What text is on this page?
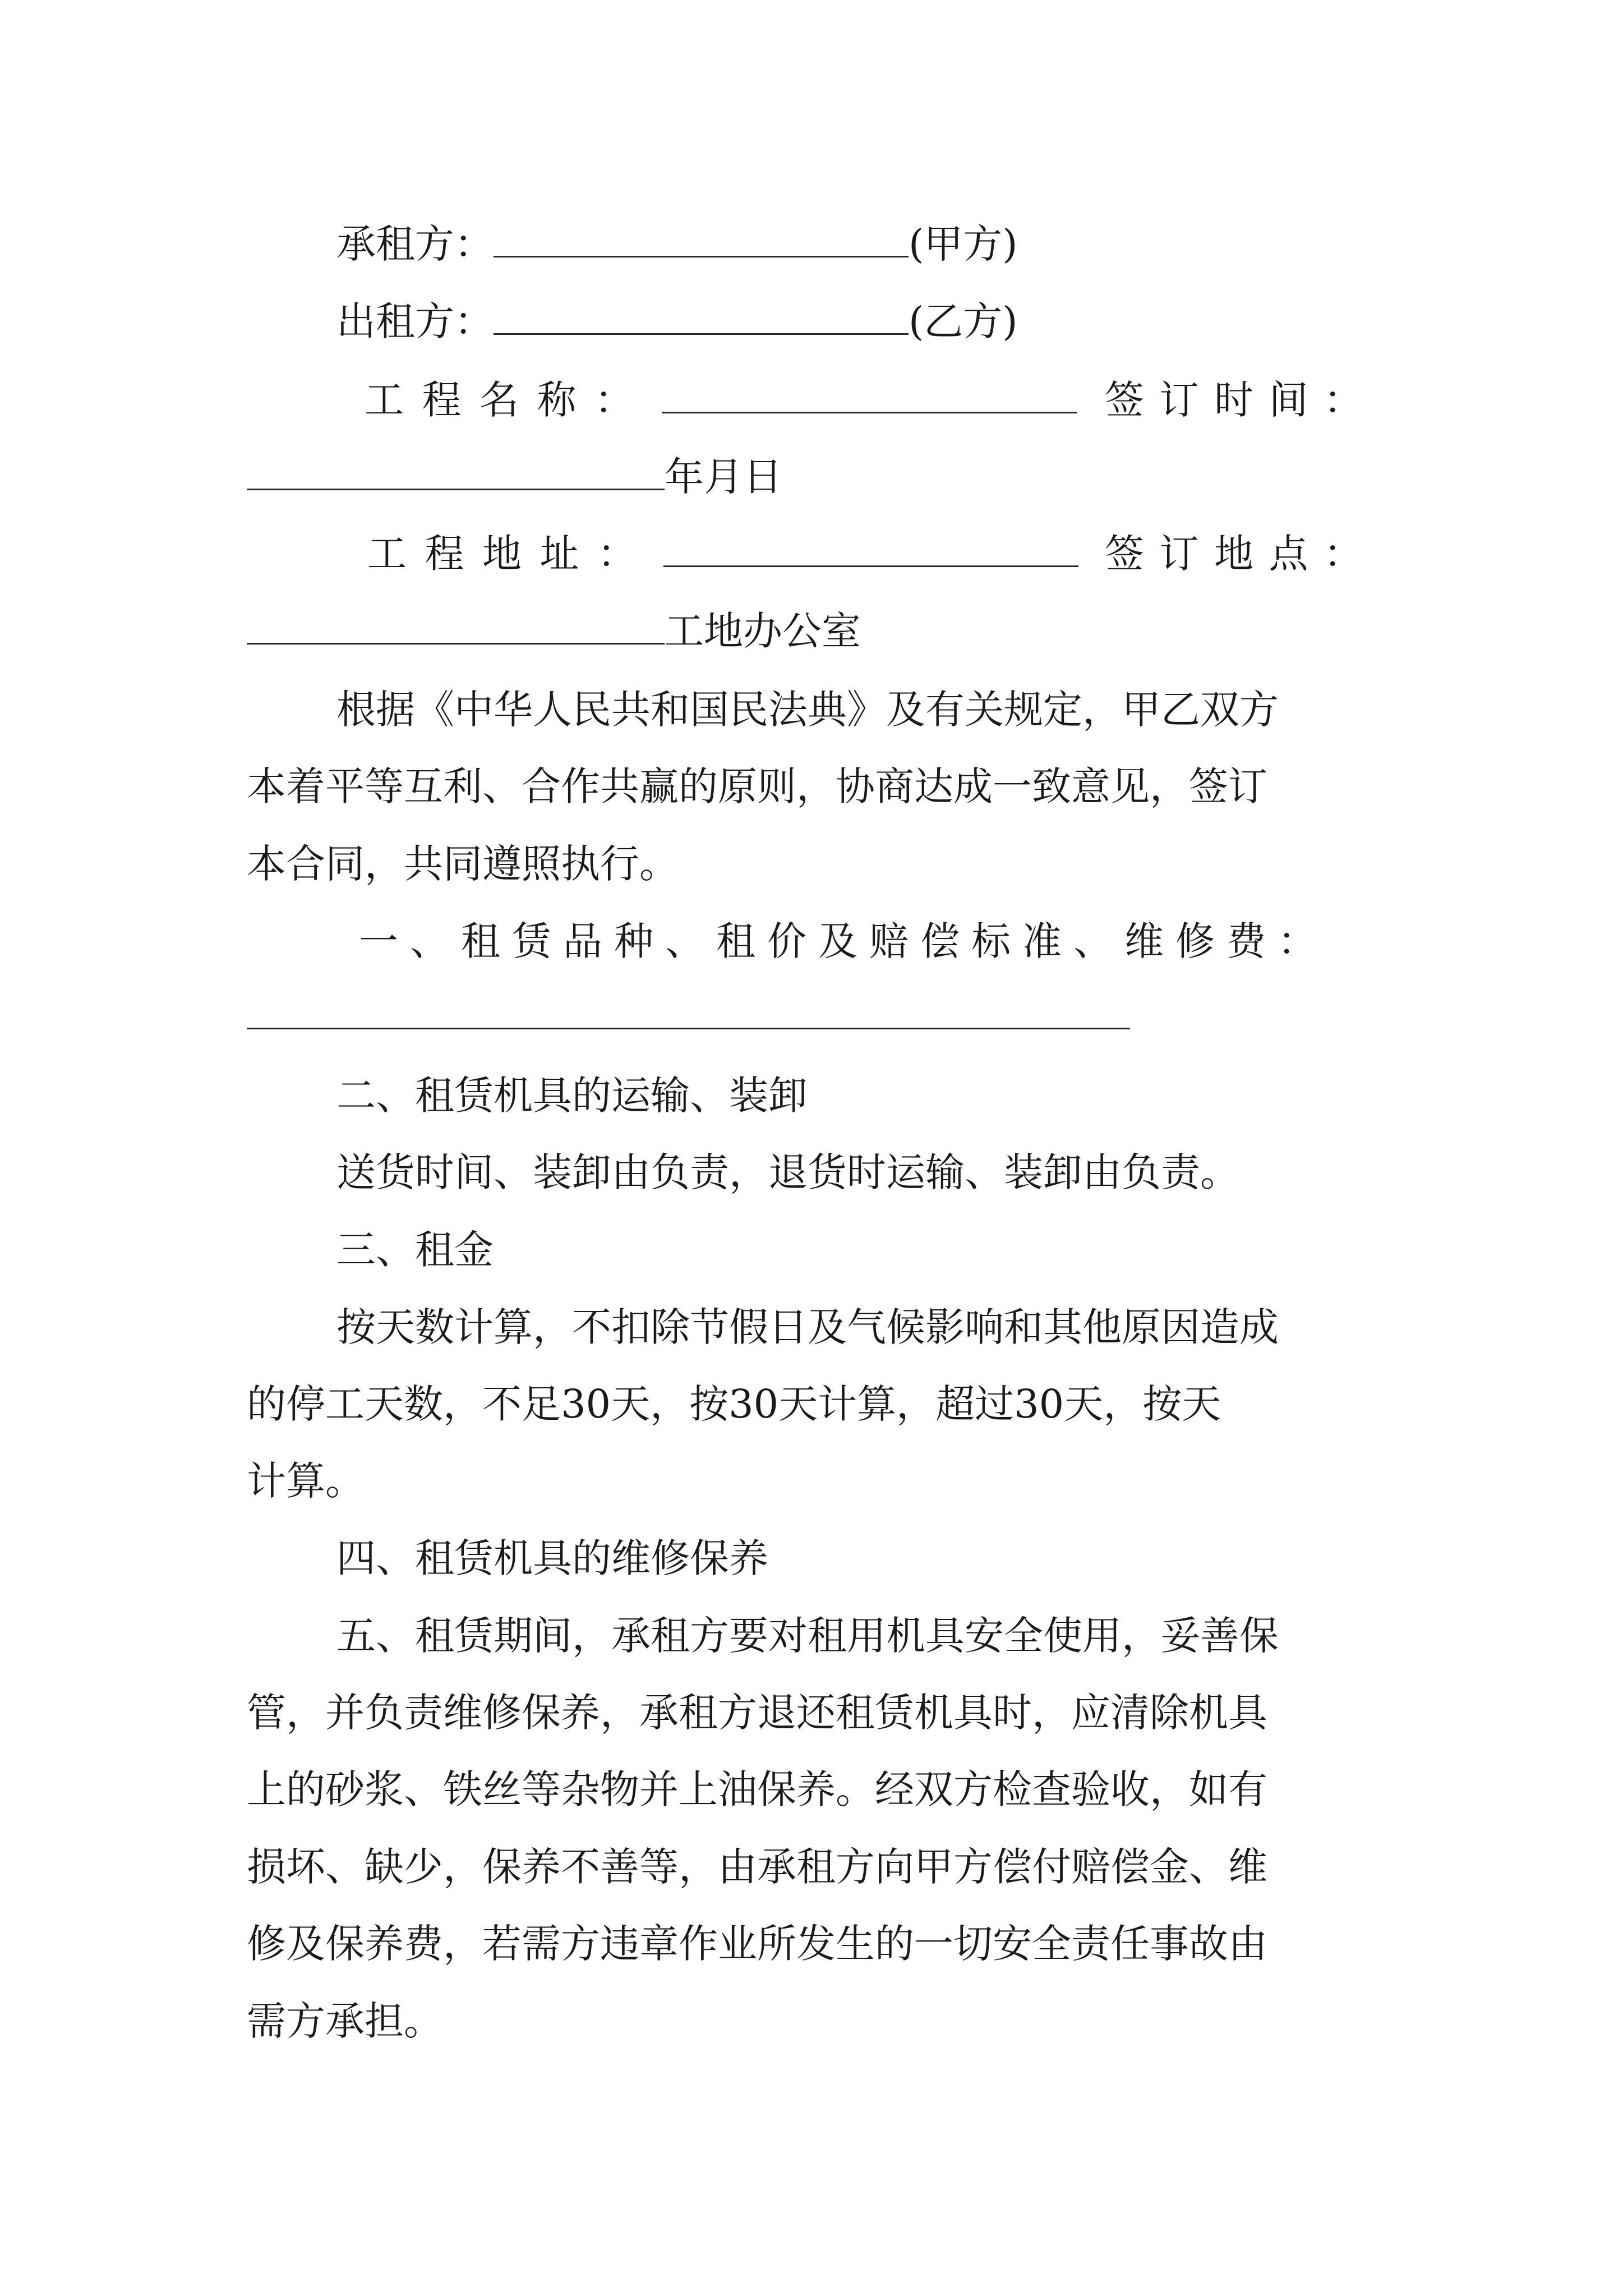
承租方：	(甲方)
出租方：	(乙方)
工 程 名 称 ：	签 订 时 间 ：
年月日
工 程 地 址 ：	签 订 地 点 ：
工地办公室
根据《中华人民共和国民法典》及有关规定，甲乙双方
本着平等互利、合作共赢的原则，协商达成一致意见，签订
本合同，共同遵照执行。
一、租赁品种、租价及赔偿标准、维修费：
二、租赁机具的运输、装卸
送货时间、装卸由负责，退货时运输、装卸由负责。
三、租金
按天数计算，不扣除节假日及气候影响和其他原因造成
的停工天数，不足30天，按30天计算，超过30天，按天
计算。
四、租赁机具的维修保养
五、租赁期间，承租方要对租用机具安全使用，妥善保
管，并负责维修保养，承租方退还租赁机具时，应清除机具
上的砂浆、铁丝等杂物并上油保养。经双方检查验收，如有
损坏、缺少，保养不善等，由承租方向甲方偿付赔偿金、维
修及保养费，若需方违章作业所发生的一切安全责任事故由
需方承担。
